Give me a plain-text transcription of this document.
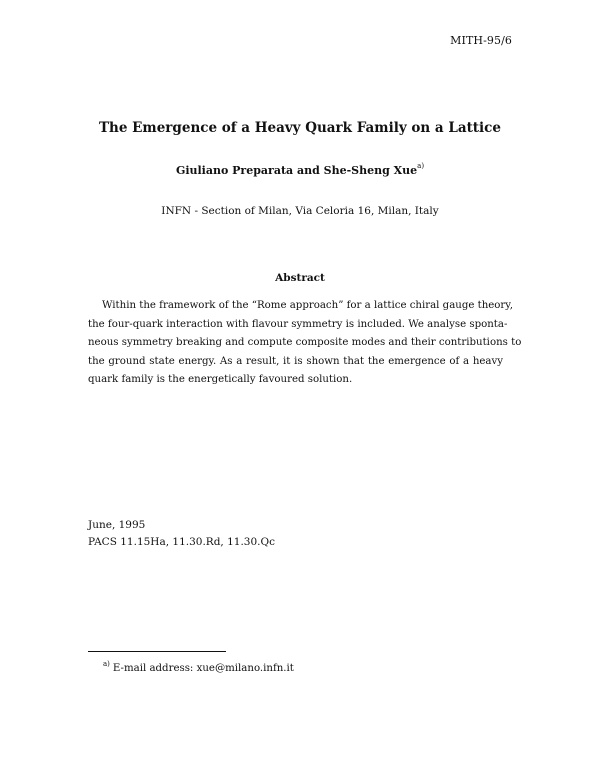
MITH-95/6
The Emergence of a Heavy Quark Family on a Lattice
Giuliano Preparata and She-Sheng Xue$^{a)}$
INFN - Section of Milan, Via Celoria 16, Milan, Italy
Abstract
Within the framework of the “Rome approach” for a lattice chiral gauge theory,
the four-quark interaction with flavour symmetry is included. We analyse sponta-
neous symmetry breaking and compute composite modes and their contributions to
the ground state energy. As a result, it is shown that the emergence of a heavy
quark family is the energetically favoured solution.
June, 1995
PACS 11.15Ha, 11.30.Rd, 11.30.Qc
$^{a)}$ E-mail address: xue@milano.infn.it
